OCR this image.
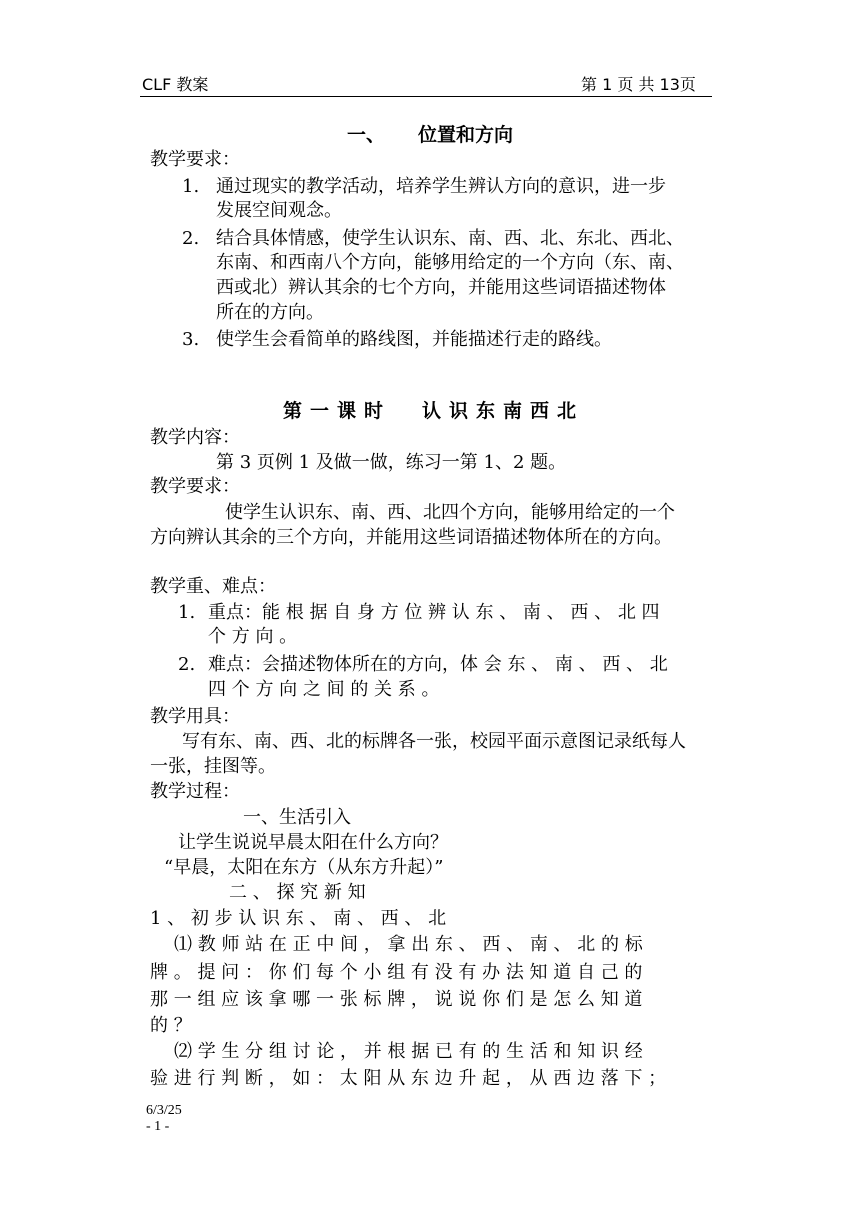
CLF 教案	第 1 页 共 13页
一、 位置和方向
教学要求：
1. 通过现实的教学活动，培养学生辨认方向的意识，进一步
发展空间观念。
2. 结合具体情感，使学生认识东、南、西、北、东北、西北、
东南、和西南八个方向，能够用给定的一个方向（东、南、
西或北）辨认其余的七个方向，并能用这些词语描述物体
所在的方向。
3. 使学生会看简单的路线图，并能描述行走的路线。
第一课时 认识东南西北
教学内容：
第 3 页例 1 及做一做，练习一第 1、2 题。
教学要求：
使学生认识东、南、西、北四个方向，能够用给定的一个
方向辨认其余的三个方向，并能用这些词语描述物体所在的方向。
教学重、难点：
1. 重点：能 根 据 自 身 方 位 辨 认 东 、 南 、 西 、 北 四
个 方 向 。
2. 难点：会描述物体所在的方向，体 会 东 、 南 、 西 、 北
四 个 方 向 之 间 的 关 系 。
教学用具：
写有东、南、西、北的标牌各一张，校园平面示意图记录纸每人
一张，挂图等。
教学过程：
一、生活引入
让学生说说早晨太阳在什么方向？
“早晨，太阳在东方（从东方升起）”
二 、 探 究 新 知
1 、 初 步 认 识 东 、 南 、 西 、 北
⑴ 教 师 站 在 正 中 间 ， 拿 出 东 、 西 、 南 、 北 的 标
牌 。 提 问 ： 你 们 每 个 小 组 有 没 有 办 法 知 道 自 己 的
那 一 组 应 该 拿 哪 一 张 标 牌 ， 说 说 你 们 是 怎 么 知 道
的 ？
⑵ 学 生 分 组 讨 论 ， 并 根 据 已 有 的 生 活 和 知 识 经
验 进 行 判 断 ， 如 ： 太 阳 从 东 边 升 起 ， 从 西 边 落 下 ；
6/3/25
- 1 -
